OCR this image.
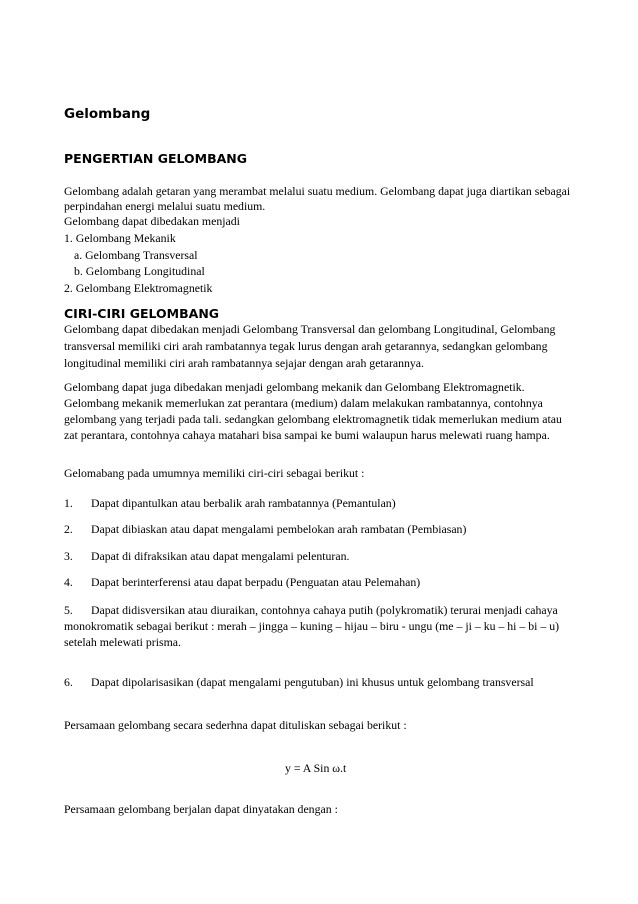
Gelombang
PENGERTIAN GELOMBANG
Gelombang adalah getaran yang merambat melalui suatu medium. Gelombang dapat juga diartikan sebagai
perpindahan energi melalui suatu medium.
Gelombang dapat dibedakan menjadi
1. Gelombang Mekanik
a. Gelombang Transversal
b. Gelombang Longitudinal
2. Gelombang Elektromagnetik
CIRI-CIRI GELOMBANG
Gelombang dapat dibedakan menjadi Gelombang Transversal dan gelombang Longitudinal, Gelombang
transversal memiliki ciri arah rambatannya tegak lurus dengan arah getarannya, sedangkan gelombang
longitudinal memiliki ciri arah rambatannya sejajar dengan arah getarannya.
Gelombang dapat juga dibedakan menjadi gelombang mekanik dan Gelombang Elektromagnetik.
Gelombang mekanik memerlukan zat perantara (medium) dalam melakukan rambatannya, contohnya
gelombang yang terjadi pada tali. sedangkan gelombang elektromagnetik tidak memerlukan medium atau
zat perantara, contohnya cahaya matahari bisa sampai ke bumi walaupun harus melewati ruang hampa.
Gelomabang pada umumnya memiliki ciri-ciri sebagai berikut :
1. Dapat dipantulkan atau berbalik arah rambatannya (Pemantulan)
2. Dapat dibiaskan atau dapat mengalami pembelokan arah rambatan (Pembiasan)
3. Dapat di difraksikan atau dapat mengalami pelenturan.
4. Dapat berinterferensi atau dapat berpadu (Penguatan atau Pelemahan)
5. Dapat didisversikan atau diuraikan, contohnya cahaya putih (polykromatik) terurai menjadi cahaya
monokromatik sebagai berikut : merah – jingga – kuning – hijau – biru - ungu (me – ji – ku – hi – bi – u)
setelah melewati prisma.
6. Dapat dipolarisasikan (dapat mengalami pengutuban) ini khusus untuk gelombang transversal
Persamaan gelombang secara sederhna dapat dituliskan sebagai berikut :
y = A Sin ω.t
Persamaan gelombang berjalan dapat dinyatakan dengan :
